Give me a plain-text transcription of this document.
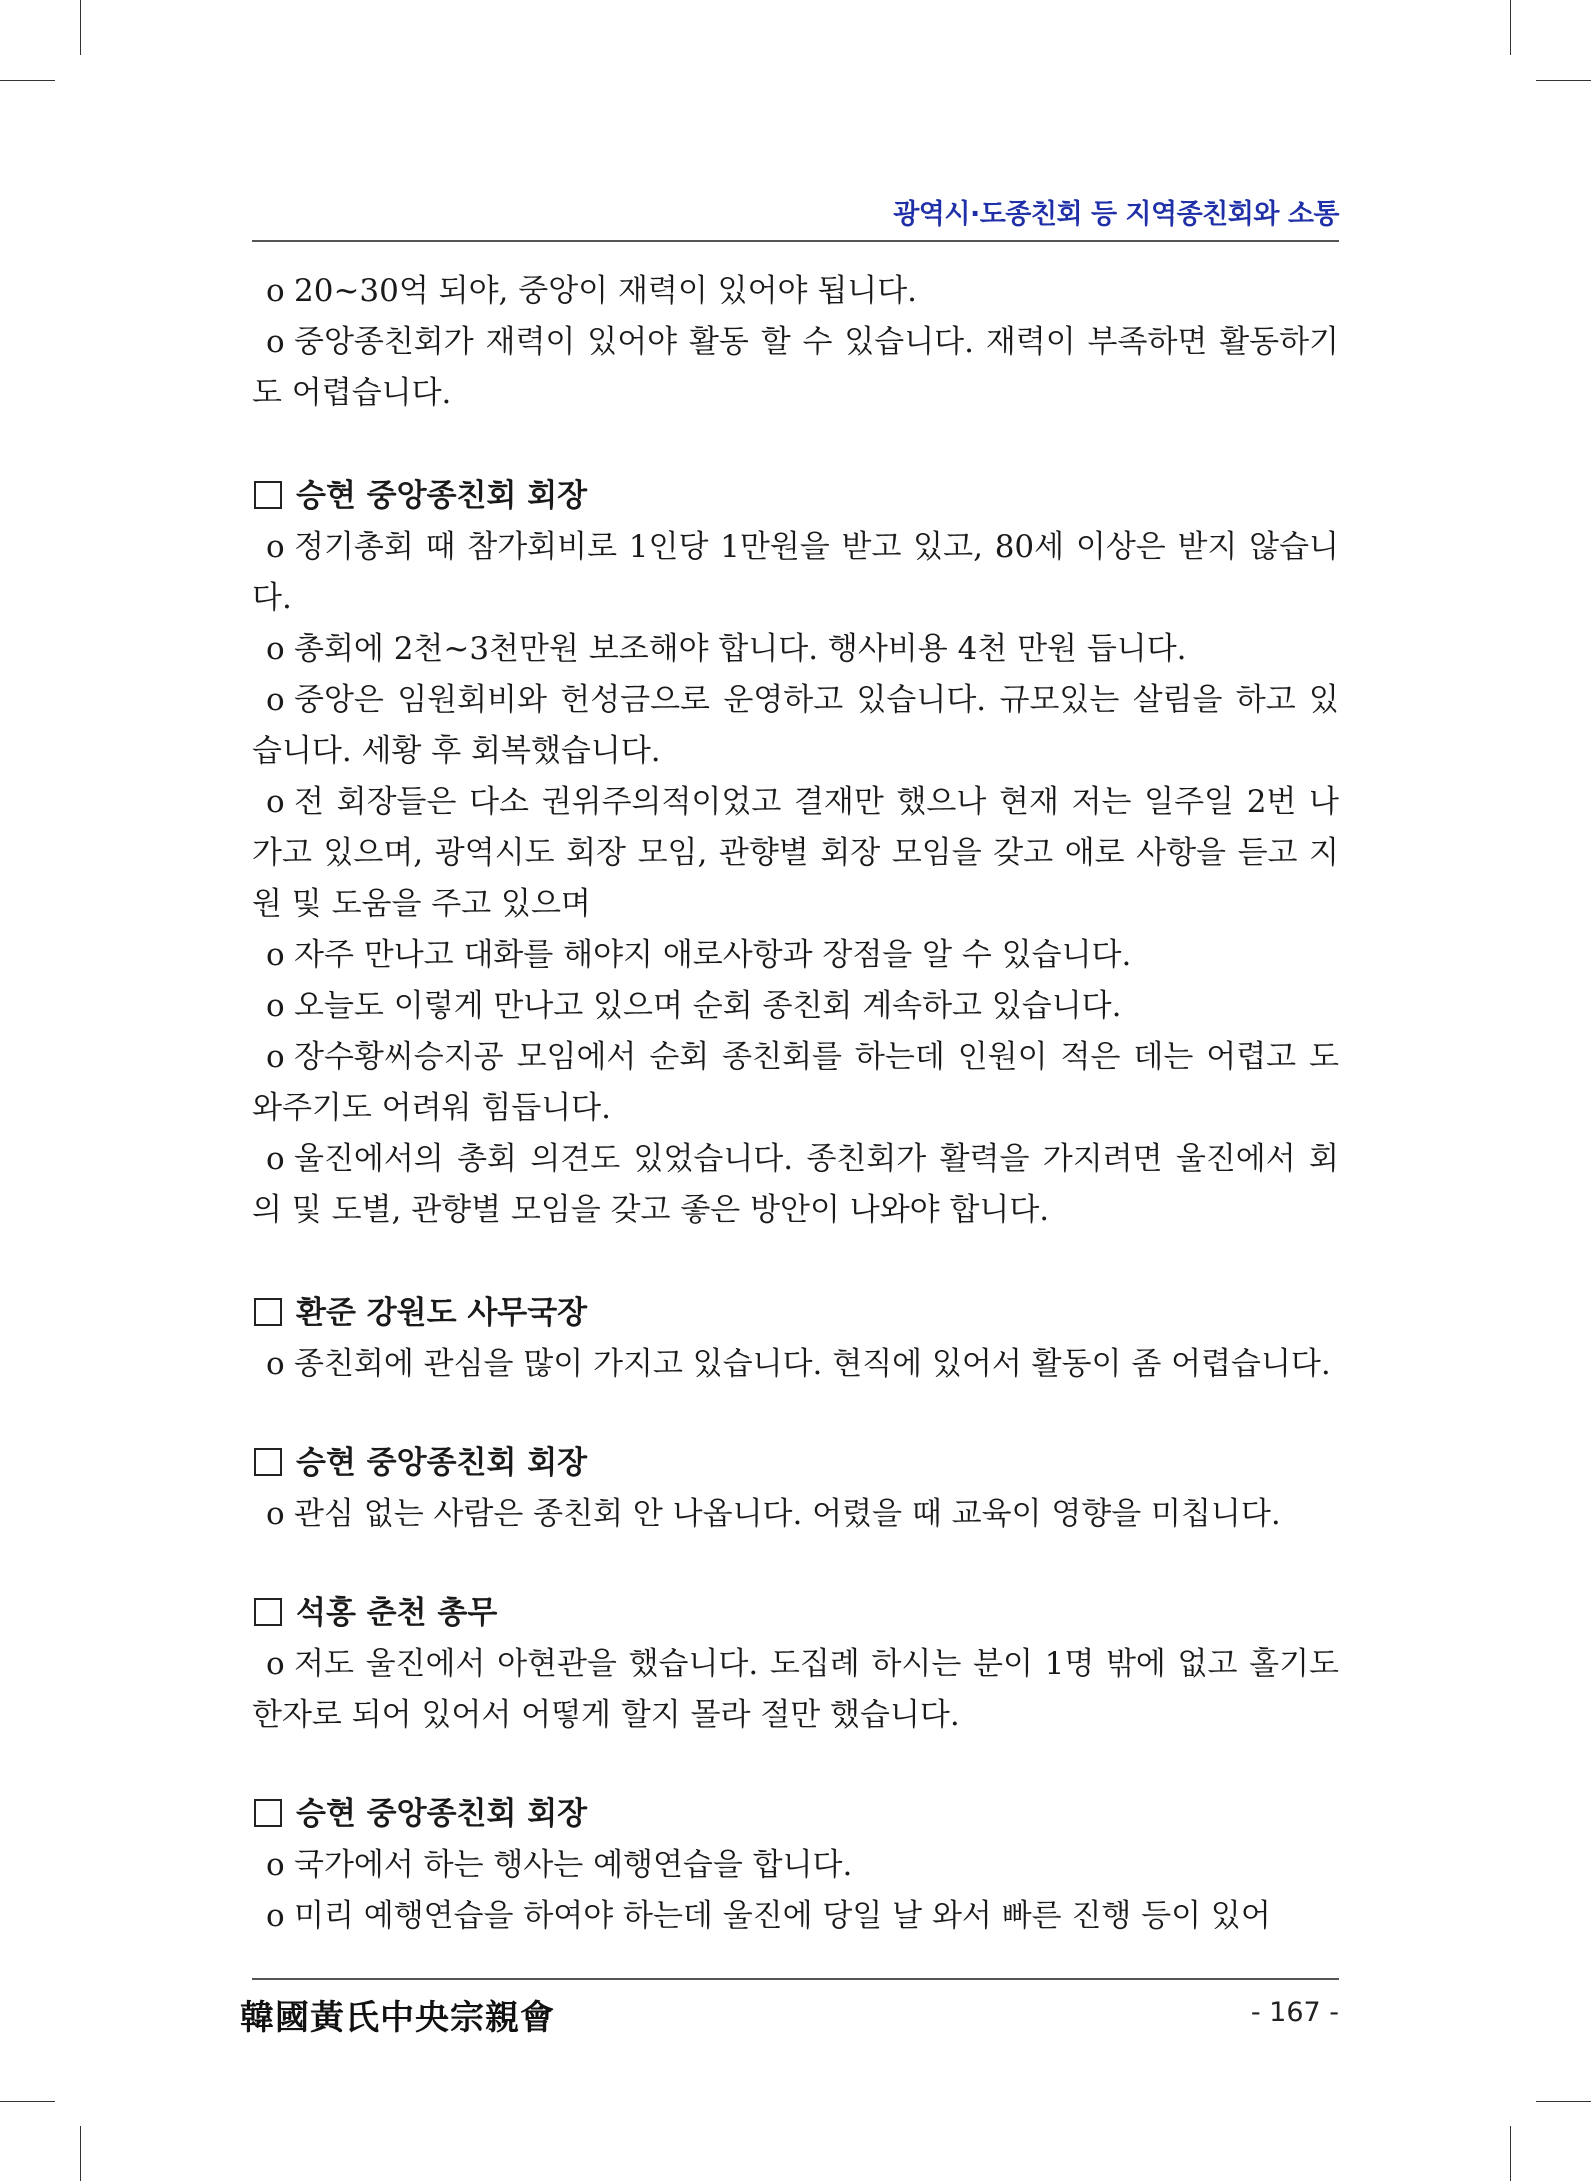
광역시·도종친회 등 지역종친회와 소통

o 20~30억 되야, 중앙이 재력이 있어야 됩니다.

o 중앙종친회가 재력이 있어야 활동 할 수 있습니다. 재력이 부족하면 활동하기도 어렵습니다.

승현 중앙종친회 회장

o 정기총회 때 참가회비로 1인당 1만원을 받고 있고, 80세 이상은 받지 않습니다.

o 총회에 2천~3천만원 보조해야 합니다. 행사비용 4천 만원 듭니다.

o 중앙은 임원회비와 헌성금으로 운영하고 있습니다. 규모있는 살림을 하고 있습니다. 세황 후 회복했습니다.

o 전 회장들은 다소 권위주의적이었고 결재만 했으나 현재 저는 일주일 2번 나가고 있으며, 광역시도 회장 모임, 관향별 회장 모임을 갖고 애로 사항을 듣고 지원 및 도움을 주고 있으며

o 자주 만나고 대화를 해야지 애로사항과 장점을 알 수 있습니다.

o 오늘도 이렇게 만나고 있으며 순회 종친회 계속하고 있습니다.

o 장수황씨승지공 모임에서 순회 종친회를 하는데 인원이 적은 데는 어렵고 도와주기도 어려워 힘듭니다.

o 울진에서의 총회 의견도 있었습니다. 종친회가 활력을 가지려면 울진에서 회의 및 도별, 관향별 모임을 갖고 좋은 방안이 나와야 합니다.

환준 강원도 사무국장

o 종친회에 관심을 많이 가지고 있습니다. 현직에 있어서 활동이 좀 어렵습니다.

승현 중앙종친회 회장

o 관심 없는 사람은 종친회 안 나옵니다. 어렸을 때 교육이 영향을 미칩니다.

석홍 춘천 총무

o 저도 울진에서 아현관을 했습니다. 도집례 하시는 분이 1명 밖에 없고 홀기도 한자로 되어 있어서 어떻게 할지 몰라 절만 했습니다.

승현 중앙종친회 회장

o 국가에서 하는 행사는 예행연습을 합니다.

o 미리 예행연습을 하여야 하는데 울진에 당일 날 와서 빠른 진행 등이 있어

韓國黃氏中央宗親會	- 167 -
